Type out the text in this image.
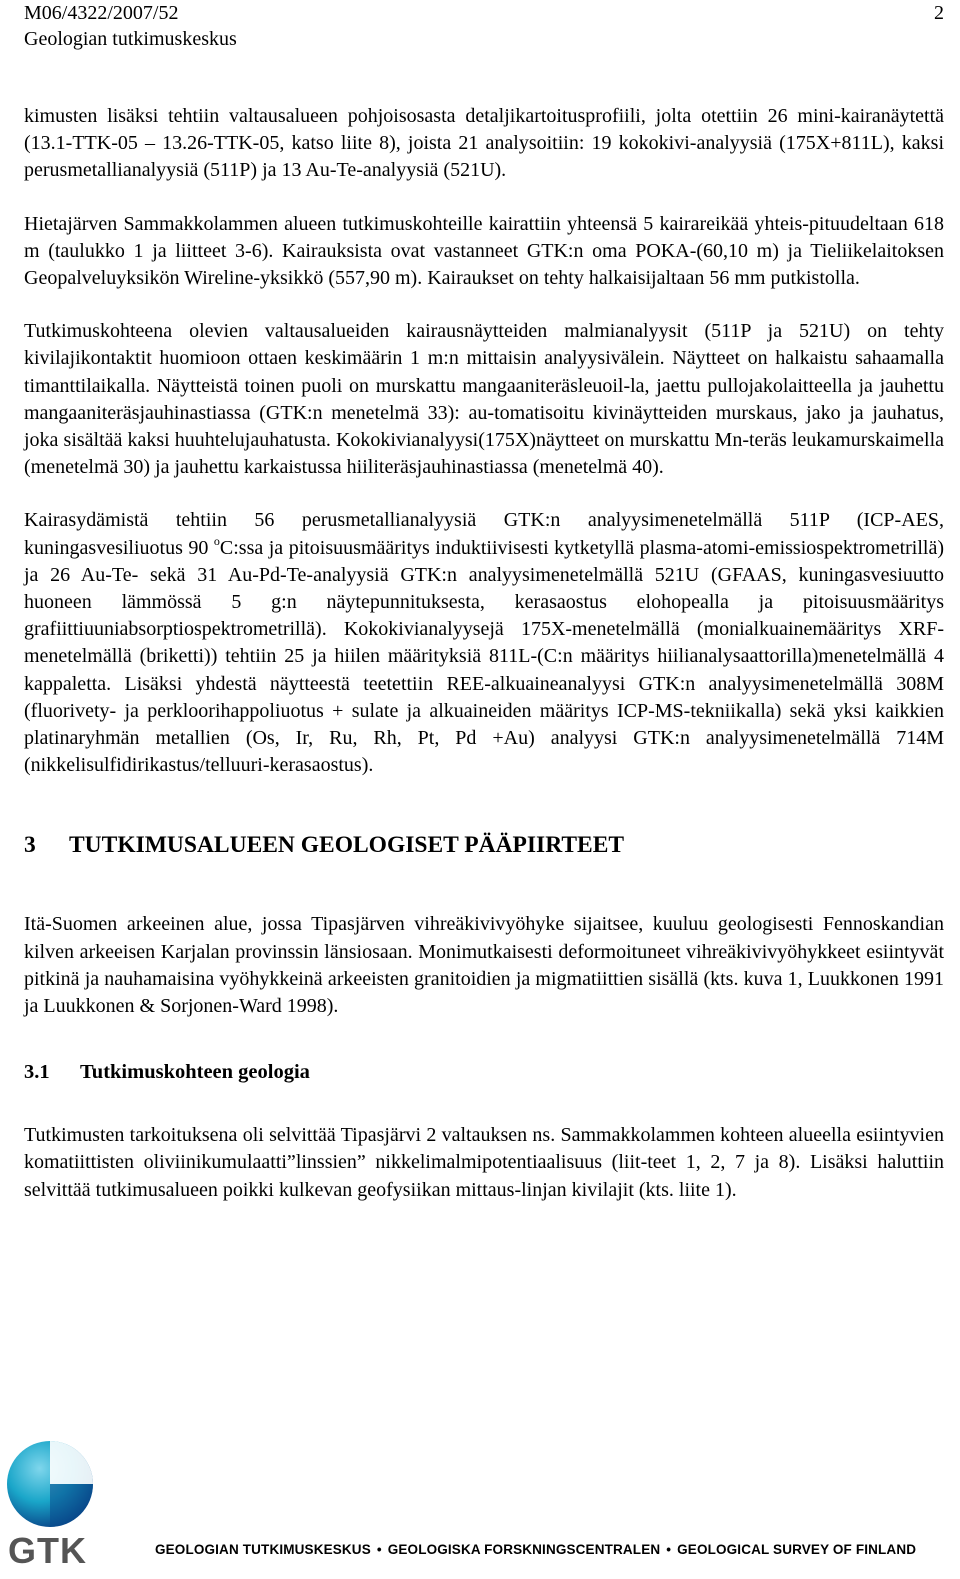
M06/4322/2007/52	2
Geologian tutkimuskeskus

kimusten lisäksi tehtiin valtausalueen pohjoisosasta detaljikartoitusprofiili, jolta otettiin 26 mini-kairanäytettä (13.1-TTK-05 – 13.26-TTK-05, katso liite 8), joista 21 analysoitiin: 19 kokokivi-analyysiä (175X+811L), kaksi perusmetallianalyysiä (511P) ja 13 Au-Te-analyysiä (521U).

Hietajärven Sammakkolammen alueen tutkimuskohteille kairattiin yhteensä 5 kairareikää yhteis-pituudeltaan 618 m (taulukko 1 ja liitteet 3-6). Kairauksista ovat vastanneet GTK:n oma POKA-(60,10 m) ja Tieliikelaitoksen Geopalveluyksikön Wireline-yksikkö (557,90 m). Kairaukset on tehty halkaisijaltaan 56 mm putkistolla.

Tutkimuskohteena olevien valtausalueiden kairausnäytteiden malmianalyysit (511P ja 521U) on tehty kivilajikontaktit huomioon ottaen keskimäärin 1 m:n mittaisin analyysivälein. Näytteet on halkaistu sahaamalla timanttilaikalla. Näytteistä toinen puoli on murskattu mangaaniteräsleuoil-la, jaettu pullojakolaitteella ja jauhettu mangaaniteräsjauhinastiassa (GTK:n menetelmä 33): au-tomatisoitu kivinäytteiden murskaus, jako ja jauhatus, joka sisältää kaksi huuhtelujauhatusta. Kokokivianalyysi(175X)näytteet on murskattu Mn-teräs leukamurskaimella (menetelmä 30) ja jauhettu karkaistussa hiiliteräsjauhinastiassa (menetelmä 40).

Kairasydämistä tehtiin 56 perusmetallianalyysiä GTK:n analyysimenetelmällä 511P (ICP-AES, kuningasvesiliuotus 90 $^o$C:ssa ja pitoisuusmääritys induktiivisesti kytketyllä plasma-atomi-emissiospektrometrillä) ja 26 Au-Te- sekä 31 Au-Pd-Te-analyysiä GTK:n analyysimenetelmällä 521U (GFAAS, kuningasvesiuutto huoneen lämmössä 5 g:n näytepunnituksesta, kerasaostus elohopealla ja pitoisuusmääritys grafiittiuuniabsorptiospektrometrillä). Kokokivianalyysejä 175X-menetelmällä (monialkuainemääritys XRF-menetelmällä (briketti)) tehtiin 25 ja hiilen määrityksiä 811L-(C:n määritys hiilianalysaattorilla)menetelmällä 4 kappaletta. Lisäksi yhdestä näytteestä teetettiin REE-alkuaineanalyysi GTK:n analyysimenetelmällä 308M (fluorivety- ja perkloorihappoliuotus + sulate ja alkuaineiden määritys ICP-MS-tekniikalla) sekä yksi kaikkien platinaryhmän metallien (Os, Ir, Ru, Rh, Pt, Pd +Au) analyysi GTK:n analyysimenetelmällä 714M (nikkelisulfidirikastus/telluuri-kerasaostus).

3 TUTKIMUSALUEEN GEOLOGISET PÄÄPIIRTEET

Itä-Suomen arkeeinen alue, jossa Tipasjärven vihreäkivivyöhyke sijaitsee, kuuluu geologisesti Fennoskandian kilven arkeeisen Karjalan provinssin länsiosaan. Monimutkaisesti deformoituneet vihreäkivivyöhykkeet esiintyvät pitkinä ja nauhamaisina vyöhykkeinä arkeeisten granitoidien ja migmatiittien sisällä (kts. kuva 1, Luukkonen 1991 ja Luukkonen & Sorjonen-Ward 1998).

3.1 Tutkimuskohteen geologia

Tutkimusten tarkoituksena oli selvittää Tipasjärvi 2 valtauksen ns. Sammakkolammen kohteen alueella esiintyvien komatiittisten oliviinikumulaatti”linssien” nikkelimalmipotentiaalisuus (liit-teet 1, 2, 7 ja 8). Lisäksi haluttiin selvittää tutkimusalueen poikki kulkevan geofysiikan mittaus-linjan kivilajit (kts. liite 1).

GTK	GEOLOGIAN TUTKIMUSKESKUS • GEOLOGISKA FORSKNINGSCENTRALEN • GEOLOGICAL SURVEY OF FINLAND
